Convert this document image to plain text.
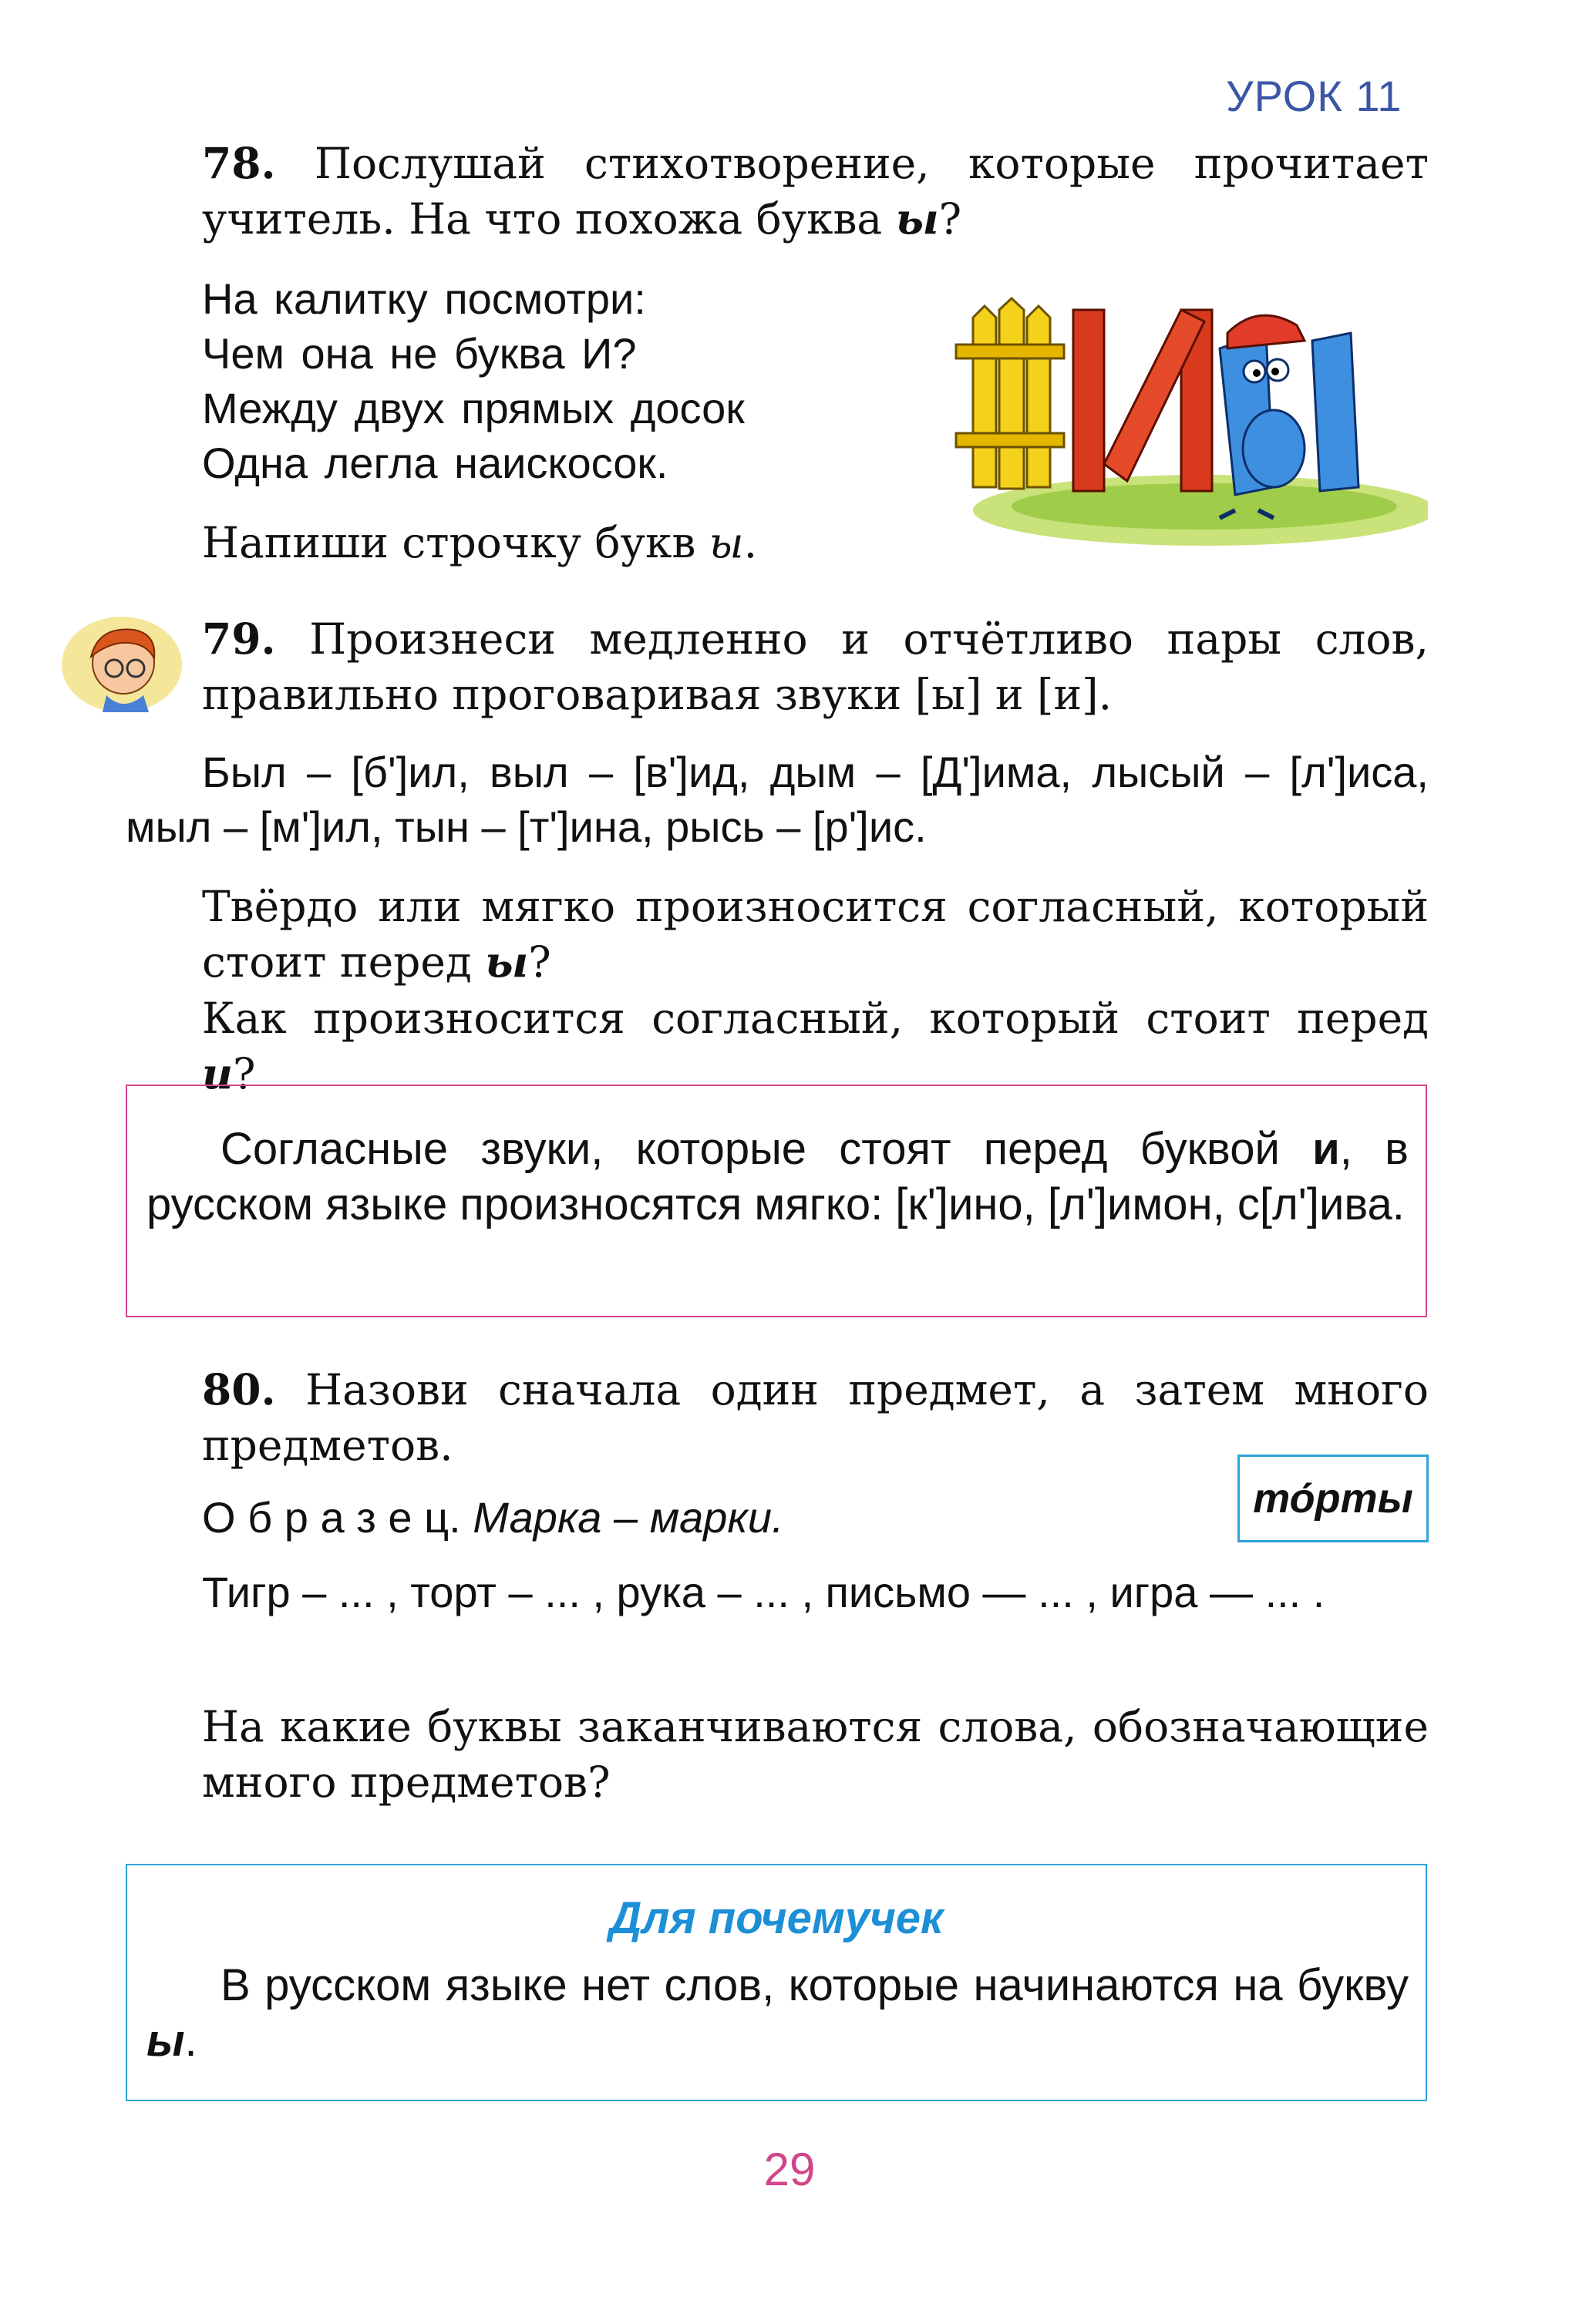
УРОК 11
78. Послушай стихотворение, которые прочитает учитель. На что похожа буква ы?
На калитку посмотри:
Чем она не буква И?
Между двух прямых досок
Одна легла наискосок.
Напиши строчку букв ы.
79. Произнеси медленно и отчётливо пары слов, правильно проговаривая звуки [ы] и [и].
Был – [б']ил, выл – [в']ид, дым – [Д']има, лысый – [л']иса, мыл – [м']ил, тын – [т']ина, рысь – [р']ис.
Твёрдо или мягко произносится согласный, который стоит перед ы?
Как произносится согласный, который стоит перед и?
Согласные звуки, которые стоят перед буквой и, в русском языке произносятся мягко: [к']ино, [л']имон, с[л']ива.
80. Назови сначала один предмет, а затем много предметов.
то́рты
О б р а з е ц. Марка – марки.
Тигр – ... , торт – ... , рука – ... , письмо — ... , игра — ... .
На какие буквы заканчиваются слова, обозначающие много предметов?
Для почемучек
В русском языке нет слов, которые начинаются на букву ы.
29
